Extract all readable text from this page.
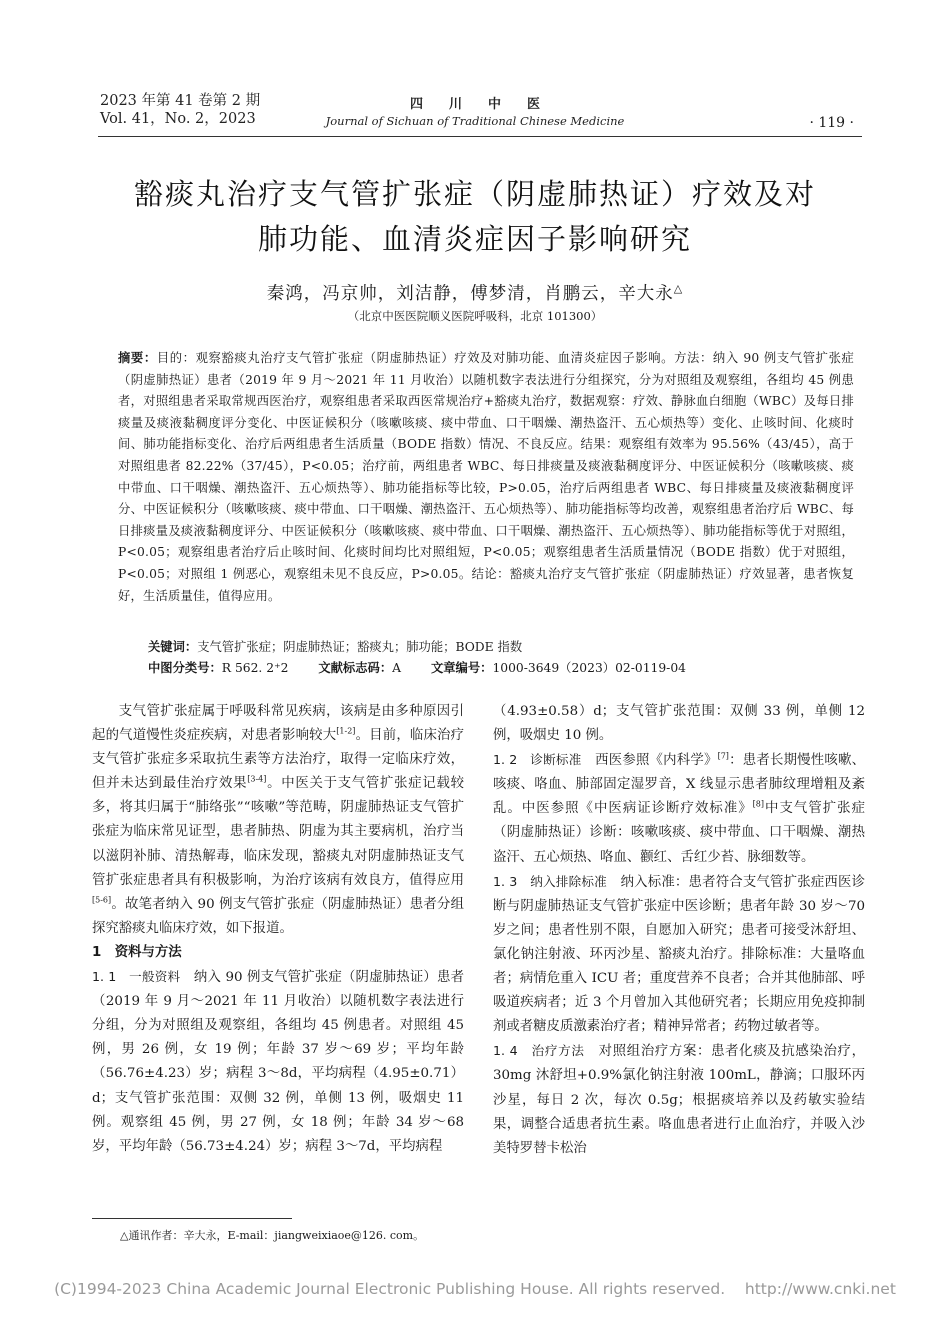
2023 年第 41 卷第 2 期
Vol. 41，No. 2，2023
四川中医
Journal of Sichuan of Traditional Chinese Medicine	· 119 ·
豁痰丸治疗支气管扩张症（阴虚肺热证）疗效及对
肺功能、血清炎症因子影响研究
秦鸿，冯京帅，刘洁静，傅梦清，肖鹏云，辛大永△
（北京中医医院顺义医院呼吸科，北京 101300）
摘要：目的：观察豁痰丸治疗支气管扩张症（阴虚肺热证）疗效及对肺功能、血清炎症因子影响。方法：纳入 90 例支气管扩张症（阴虚肺热证）患者（2019 年 9 月～2021 年 11 月收治）以随机数字表法进行分组探究，分为对照组及观察组，各组均 45 例患者，对照组患者采取常规西医治疗，观察组患者采取西医常规治疗+豁痰丸治疗，数据观察：疗效、静脉血白细胞（WBC）及每日排痰量及痰液黏稠度评分变化、中医证候积分（咳嗽咳痰、痰中带血、口干咽燥、潮热盗汗、五心烦热等）变化、止咳时间、化痰时间、肺功能指标变化、治疗后两组患者生活质量（BODE 指数）情况、不良反应。结果：观察组有效率为 95.56%（43/45），高于对照组患者 82.22%（37/45），P<0.05；治疗前，两组患者 WBC、每日排痰量及痰液黏稠度评分、中医证候积分（咳嗽咳痰、痰中带血、口干咽燥、潮热盗汗、五心烦热等）、肺功能指标等比较，P>0.05，治疗后两组患者 WBC、每日排痰量及痰液黏稠度评分、中医证候积分（咳嗽咳痰、痰中带血、口干咽燥、潮热盗汗、五心烦热等）、肺功能指标等均改善，观察组患者治疗后 WBC、每日排痰量及痰液黏稠度评分、中医证候积分（咳嗽咳痰、痰中带血、口干咽燥、潮热盗汗、五心烦热等）、肺功能指标等优于对照组，P<0.05；观察组患者治疗后止咳时间、化痰时间均比对照组短，P<0.05；观察组患者生活质量情况（BODE 指数）优于对照组，P<0.05；对照组 1 例恶心，观察组未见不良反应，P>0.05。结论：豁痰丸治疗支气管扩张症（阴虚肺热证）疗效显著，患者恢复好，生活质量佳，值得应用。
关键词：支气管扩张症；阴虚肺热证；豁痰丸；肺功能；BODE 指数
中图分类号：R 562. 2⁺2 文献标志码：A 文章编号：1000-3649（2023）02-0119-04

支气管扩张症属于呼吸科常见疾病，该病是由多种原因引起的气道慢性炎症疾病，对患者影响较大[1-2]。目前，临床治疗支气管扩张症多采取抗生素等方法治疗，取得一定临床疗效，但并未达到最佳治疗效果[3-4]。中医关于支气管扩张症记载较多，将其归属于“肺络张”“咳嗽”等范畴，阴虚肺热证支气管扩张症为临床常见证型，患者肺热、阴虚为其主要病机，治疗当以滋阴补肺、清热解毒，临床发现，豁痰丸对阴虚肺热证支气管扩张症患者具有积极影响，为治疗该病有效良方，值得应用[5-6]。故笔者纳入 90 例支气管扩张症（阴虚肺热证）患者分组探究豁痰丸临床疗效，如下报道。

1　资料与方法

1. 1　一般资料　纳入 90 例支气管扩张症（阴虚肺热证）患者（2019 年 9 月～2021 年 11 月收治）以随机数字表法进行分组，分为对照组及观察组，各组均 45 例患者。对照组 45 例，男 26 例，女 19 例；年龄 37 岁～69 岁；平均年龄（56.76±4.23）岁；病程 3～8d，平均病程（4.95±0.71）d；支气管扩张范围：双侧 32 例，单侧 13 例，吸烟史 11 例。观察组 45 例，男 27 例，女 18 例；年龄 34 岁～68 岁，平均年龄（56.73±4.24）岁；病程 3～7d，平均病程

（4.93±0.58）d；支气管扩张范围：双侧 33 例，单侧 12 例，吸烟史 10 例。

1. 2　诊断标准　西医参照《内科学》[7]：患者长期慢性咳嗽、咳痰、咯血、肺部固定湿罗音，X 线显示患者肺纹理增粗及紊乱。中医参照《中医病证诊断疗效标准》[8]中支气管扩张症（阴虚肺热证）诊断：咳嗽咳痰、痰中带血、口干咽燥、潮热盗汗、五心烦热、咯血、颧红、舌红少苔、脉细数等。

1. 3　纳入排除标准　纳入标准：患者符合支气管扩张症西医诊断与阴虚肺热证支气管扩张症中医诊断；患者年龄 30 岁～70 岁之间；患者性别不限，自愿加入研究；患者可接受沐舒坦、氯化钠注射液、环丙沙星、豁痰丸治疗。排除标准：大量咯血者；病情危重入 ICU 者；重度营养不良者；合并其他肺部、呼吸道疾病者；近 3 个月曾加入其他研究者；长期应用免疫抑制剂或者糖皮质激素治疗者；精神异常者；药物过敏者等。

1. 4　治疗方法　对照组治疗方案：患者化痰及抗感染治疗，30mg 沐舒坦+0.9%氯化钠注射液 100mL，静滴；口服环丙沙星，每日 2 次，每次 0.5g；根据痰培养以及药敏实验结果，调整合适患者抗生素。咯血患者进行止血治疗，并吸入沙美特罗替卡松治

△通讯作者：辛大永，E-mail：jiangweixiaoe@126. com。
(C)1994-2023 China Academic Journal Electronic Publishing House. All rights reserved.    http://www.cnki.net
